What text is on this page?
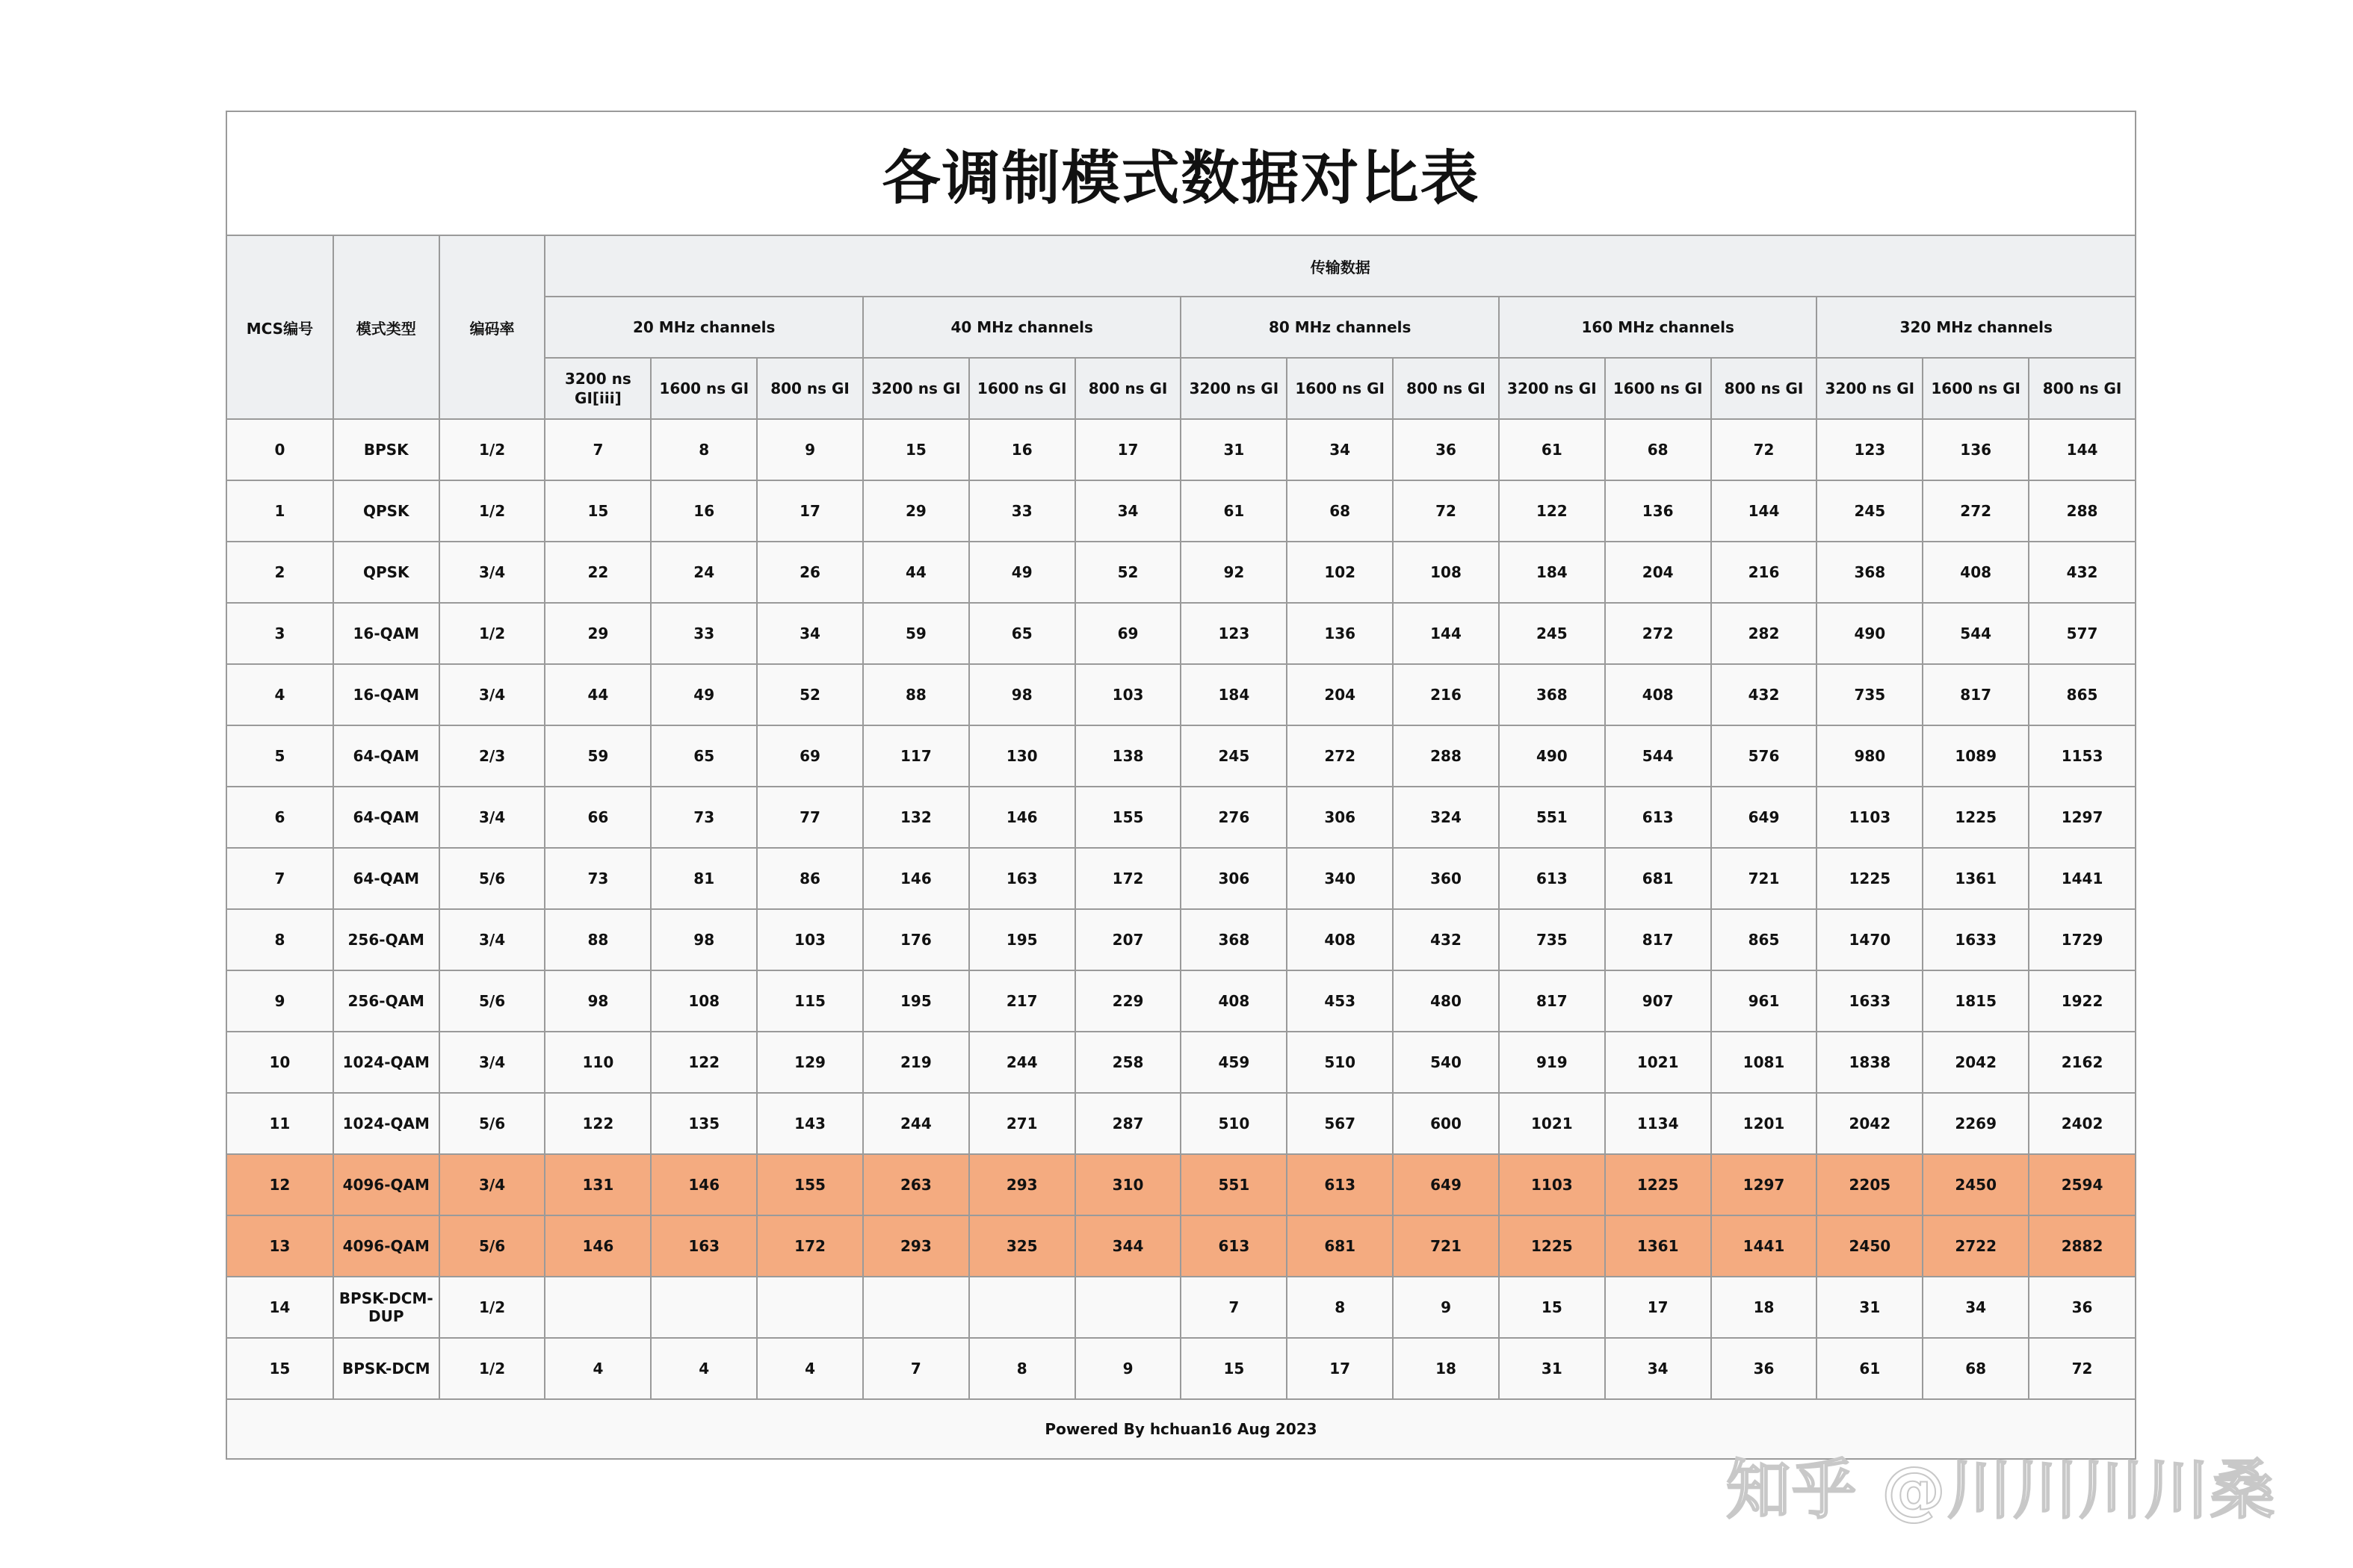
各调制模式数据对比表
MCS编号	模式类型	编码率	传输数据														
			20 MHz channels			40 MHz channels			80 MHz channels			160 MHz channels			320 MHz channels		
			3200 ns GI[iii]	1600 ns GI	800 ns GI	3200 ns GI	1600 ns GI	800 ns GI	3200 ns GI	1600 ns GI	800 ns GI	3200 ns GI	1600 ns GI	800 ns GI	3200 ns GI	1600 ns GI	800 ns GI
0	BPSK	1/2	7	8	9	15	16	17	31	34	36	61	68	72	123	136	144
1	QPSK	1/2	15	16	17	29	33	34	61	68	72	122	136	144	245	272	288
2	QPSK	3/4	22	24	26	44	49	52	92	102	108	184	204	216	368	408	432
3	16-QAM	1/2	29	33	34	59	65	69	123	136	144	245	272	282	490	544	577
4	16-QAM	3/4	44	49	52	88	98	103	184	204	216	368	408	432	735	817	865
5	64-QAM	2/3	59	65	69	117	130	138	245	272	288	490	544	576	980	1089	1153
6	64-QAM	3/4	66	73	77	132	146	155	276	306	324	551	613	649	1103	1225	1297
7	64-QAM	5/6	73	81	86	146	163	172	306	340	360	613	681	721	1225	1361	1441
8	256-QAM	3/4	88	98	103	176	195	207	368	408	432	735	817	865	1470	1633	1729
9	256-QAM	5/6	98	108	115	195	217	229	408	453	480	817	907	961	1633	1815	1922
10	1024-QAM	3/4	110	122	129	219	244	258	459	510	540	919	1021	1081	1838	2042	2162
11	1024-QAM	5/6	122	135	143	244	271	287	510	567	600	1021	1134	1201	2042	2269	2402
12	4096-QAM	3/4	131	146	155	263	293	310	551	613	649	1103	1225	1297	2205	2450	2594
13	4096-QAM	5/6	146	163	172	293	325	344	613	681	721	1225	1361	1441	2450	2722	2882
14	BPSK-DCM-DUP	1/2							7	8	9	15	17	18	31	34	36
15	BPSK-DCM	1/2	4	4	4	7	8	9	15	17	18	31	34	36	61	68	72
Powered By hchuan16 Aug 2023
知乎 @川川川川桑
